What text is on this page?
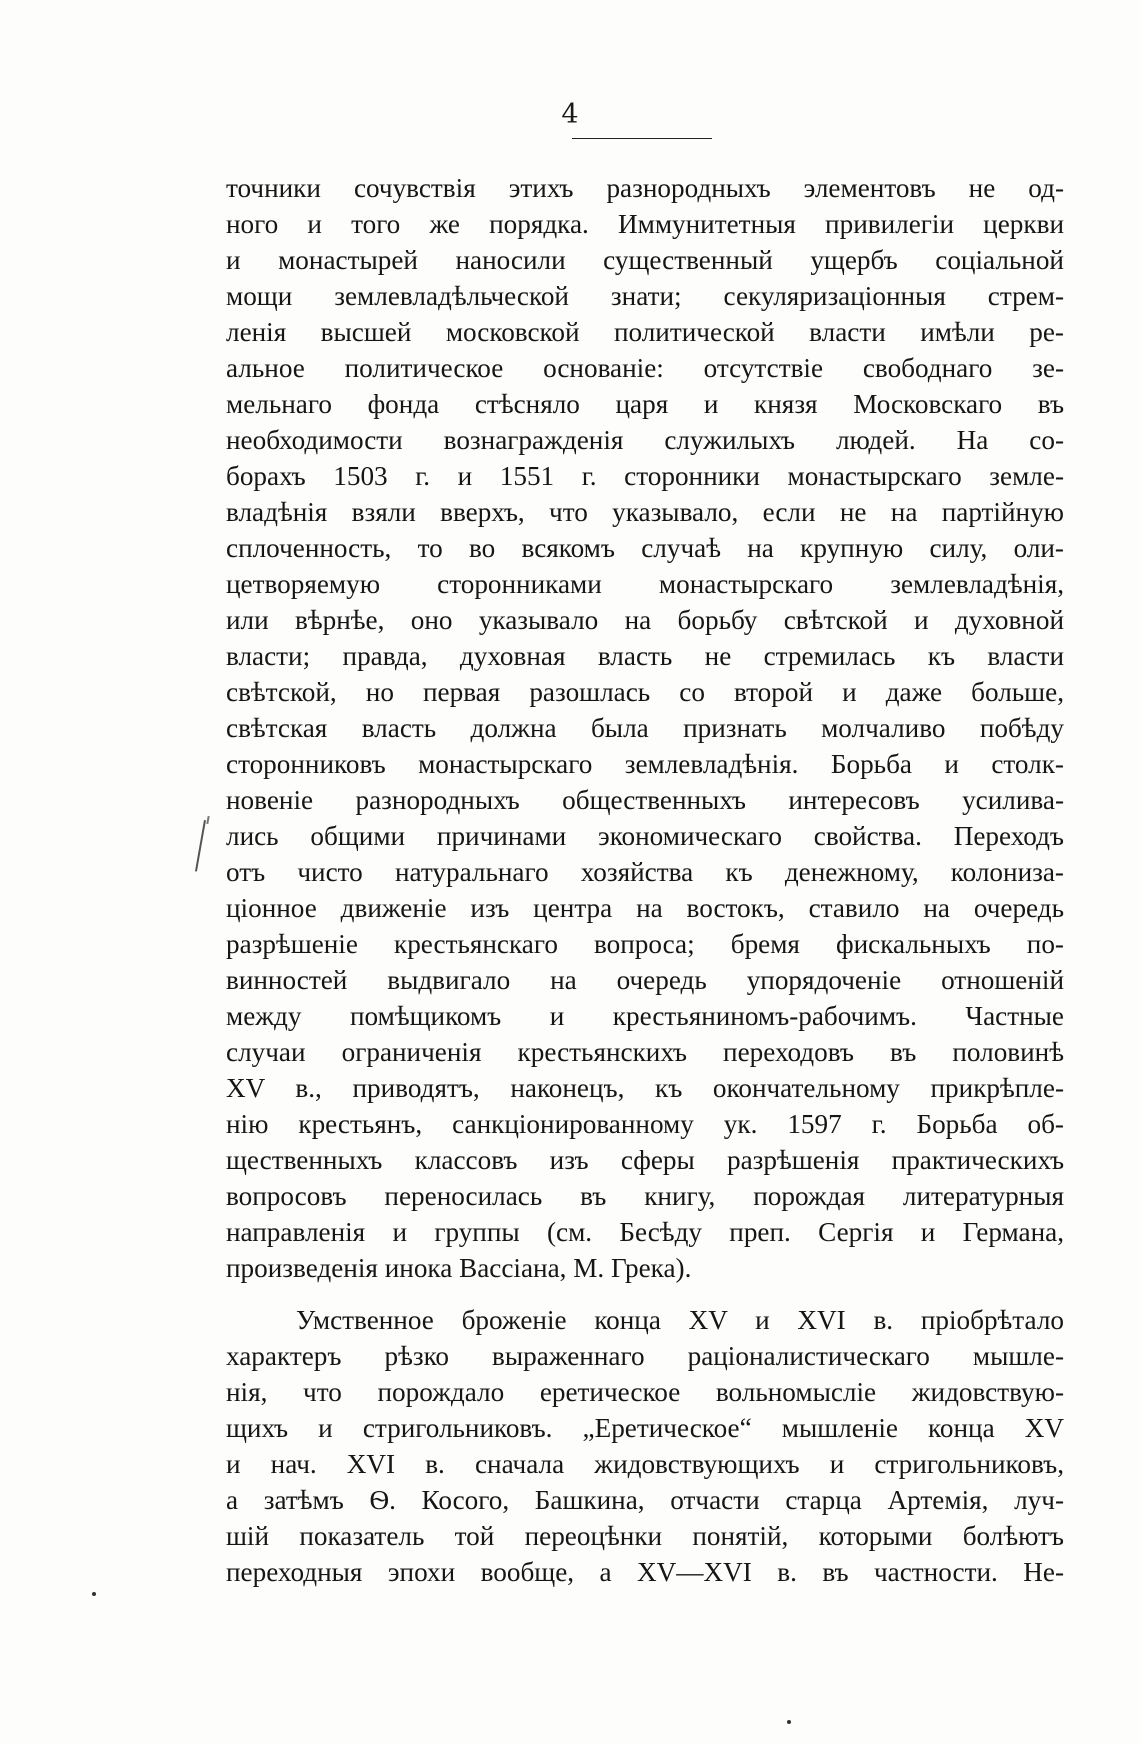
4
точники сочувствія этихъ разнородныхъ элементовъ не од-
ного и того же порядка. Иммунитетныя привилегіи церкви
и монастырей наносили существенный ущербъ соціальной
мощи землевладѣльческой знати; секуляризаціонныя стрем-
ленія высшей московской политической власти имѣли ре-
альное политическое основаніе: отсутствіе свободнаго зе-
мельнаго фонда стѣсняло царя и князя Московскаго въ
необходимости вознагражденія служилыхъ людей. На со-
борахъ 1503 г. и 1551 г. сторонники монастырскаго земле-
владѣнія взяли вверхъ, что указывало, если не на партійную
сплоченность, то во всякомъ случаѣ на крупную силу, оли-
цетворяемую сторонниками монастырскаго землевладѣнія,
или вѣрнѣе, оно указывало на борьбу свѣтской и духовной
власти; правда, духовная власть не стремилась къ власти
свѣтской, но первая разошлась со второй и даже больше,
свѣтская власть должна была признать молчаливо побѣду
сторонниковъ монастырскаго землевладѣнія. Борьба и столк-
новеніе разнородныхъ общественныхъ интересовъ усилива-
лись общими причинами экономическаго свойства. Переходъ
отъ чисто натуральнаго хозяйства къ денежному, колониза-
ціонное движеніе изъ центра на востокъ, ставило на очередь
разрѣшеніе крестьянскаго вопроса; бремя фискальныхъ по-
винностей выдвигало на очередь упорядоченіе отношеній
между помѣщикомъ и крестьяниномъ-рабочимъ. Частные
случаи ограниченія крестьянскихъ переходовъ въ половинѣ
XV в., приводятъ, наконецъ, къ окончательному прикрѣпле-
нію крестьянъ, санкціонированному ук. 1597 г. Борьба об-
щественныхъ классовъ изъ сферы разрѣшенія практическихъ
вопросовъ переносилась въ книгу, порождая литературныя
направленія и группы (см. Бесѣду преп. Сергія и Германа,
произведенія инока Вассіана, М. Грека).
Умственное броженіе конца XV и XVI в. пріобрѣтало
характеръ рѣзко выраженнаго раціоналистическаго мышле-
нія, что порождало еретическое вольномысліе жидовствую-
щихъ и стригольниковъ. „Еретическое“ мышленіе конца XV
и нач. XVI в. сначала жидовствующихъ и стригольниковъ,
а затѣмъ Ѳ. Косого, Башкина, отчасти старца Артемія, луч-
шій показатель той переоцѣнки понятій, которыми болѣютъ
переходныя эпохи вообще, а XV—XVI в. въ частности. Не-
